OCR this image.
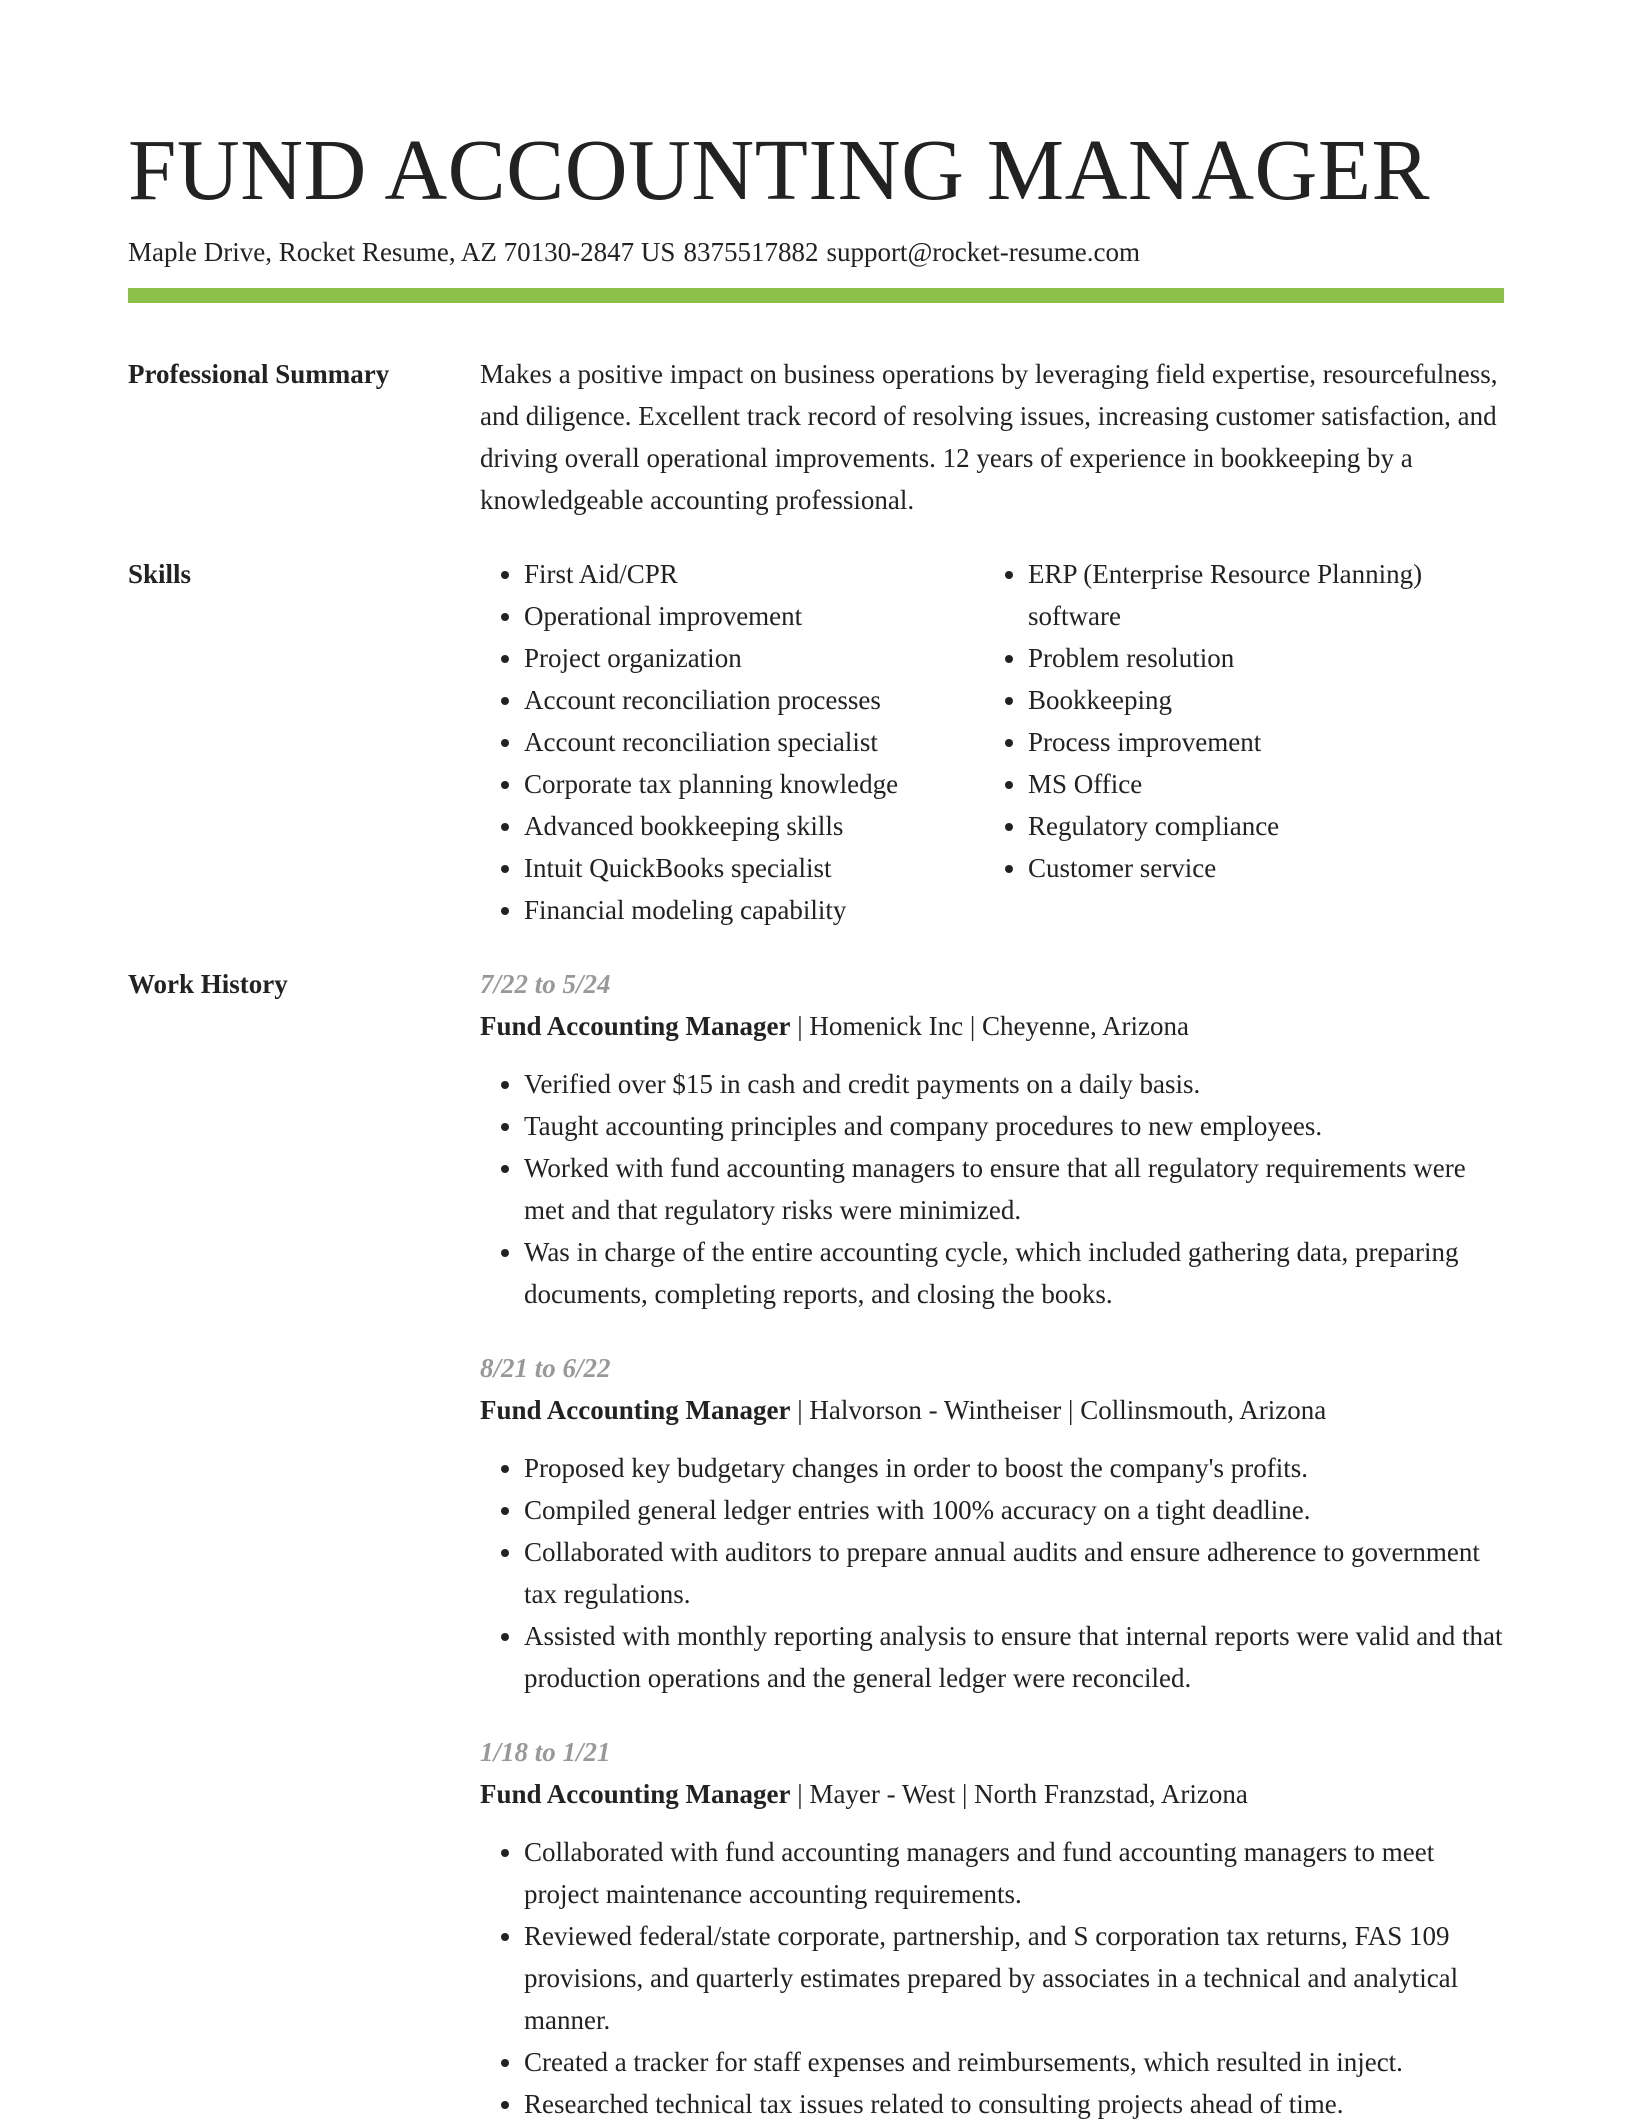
FUND ACCOUNTING MANAGER
Maple Drive, Rocket Resume, AZ 70130-2847 US 8375517882 support@rocket-resume.com
Professional Summary	Makes a positive impact on business operations by leveraging field expertise, resourcefulness, and diligence. Excellent track record of resolving issues, increasing customer satisfaction, and driving overall operational improvements. 12 years of experience in bookkeeping by a knowledgeable accounting professional.
Skills
•	First Aid/CPR
• Operational improvement
• Project organization
• Account reconciliation processes
• Account reconciliation specialist
• Corporate tax planning knowledge
• Advanced bookkeeping skills
• Intuit QuickBooks specialist
• Financial modeling capability
• ERP (Enterprise Resource Planning) software
• Problem resolution
• Bookkeeping
• Process improvement
• MS Office
• Regulatory compliance
• Customer service
Work History	7/22 to 5/24
Fund Accounting Manager | Homenick Inc | Cheyenne, Arizona
• Verified over $15 in cash and credit payments on a daily basis.
• Taught accounting principles and company procedures to new employees.
• Worked with fund accounting managers to ensure that all regulatory requirements were met and that regulatory risks were minimized.
• Was in charge of the entire accounting cycle, which included gathering data, preparing documents, completing reports, and closing the books.
8/21 to 6/22
Fund Accounting Manager | Halvorson - Wintheiser | Collinsmouth, Arizona
• Proposed key budgetary changes in order to boost the company's profits.
• Compiled general ledger entries with 100% accuracy on a tight deadline.
• Collaborated with auditors to prepare annual audits and ensure adherence to government tax regulations.
• Assisted with monthly reporting analysis to ensure that internal reports were valid and that production operations and the general ledger were reconciled.
1/18 to 1/21
Fund Accounting Manager | Mayer - West | North Franzstad, Arizona
• Collaborated with fund accounting managers and fund accounting managers to meet project maintenance accounting requirements.
• Reviewed federal/state corporate, partnership, and S corporation tax returns, FAS 109 provisions, and quarterly estimates prepared by associates in a technical and analytical manner.
• Created a tracker for staff expenses and reimbursements, which resulted in inject.
• Researched technical tax issues related to consulting projects ahead of time.
